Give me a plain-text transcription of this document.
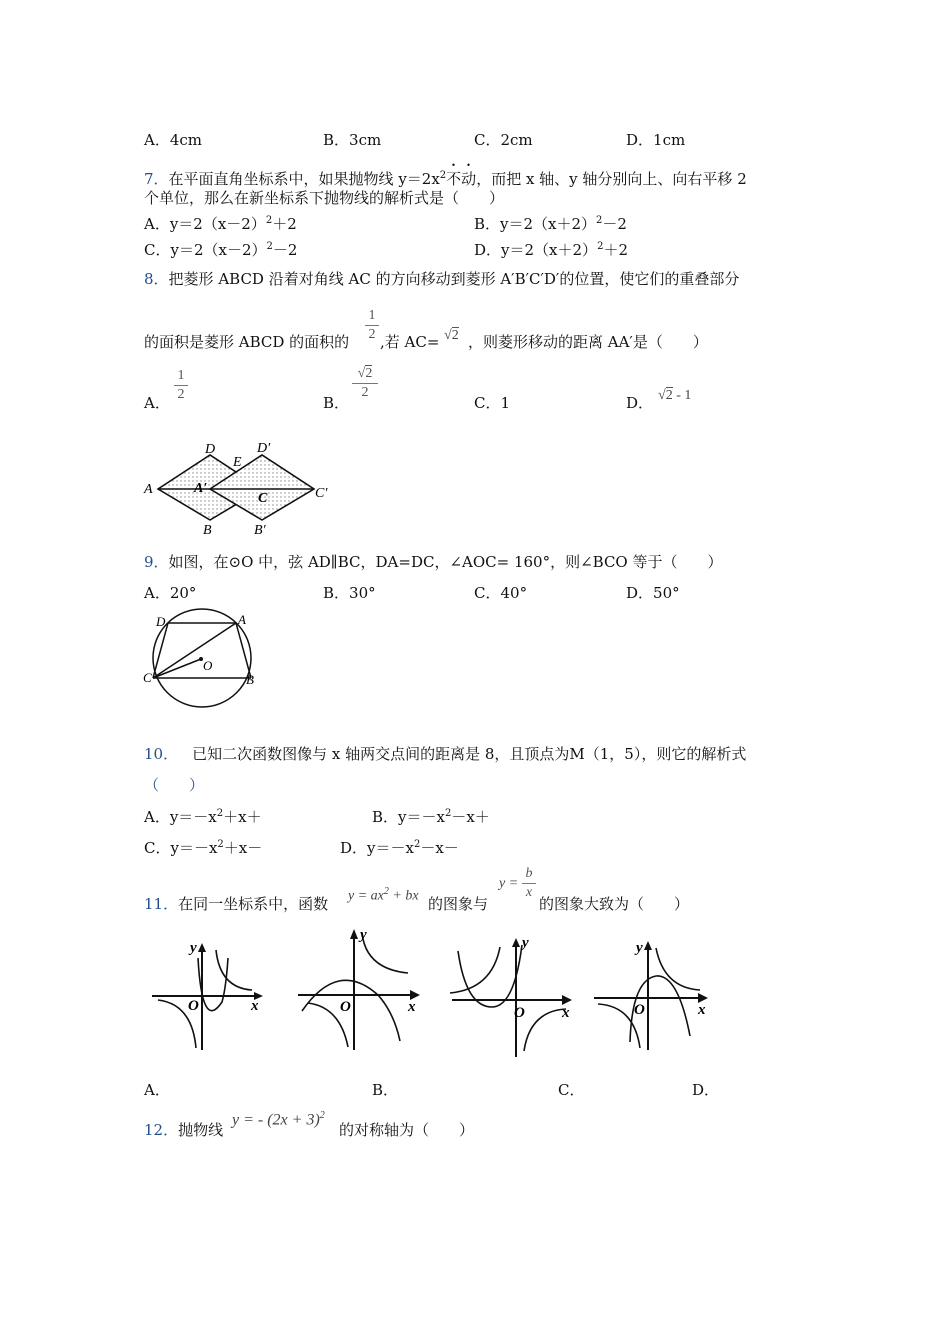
A．4cm	B．3cm	C．2cm	D．1cm
7．在平面直角坐标系中，如果抛物线 $y=2x^2$不动，而把 x 轴、y 轴分别向上、向右平移 2
个单位，那么在新坐标系下抛物线的解析式是（　　）
A．$y=2(x-2)^2+2$	B．$y=2(x+2)^2-2$
C．$y=2(x-2)^2-2$	D．$y=2(x+2)^2+2$
8．把菱形 ABCD 沿着对角线 AC 的方向移动到菱形 A′B′C′D′的位置，使它们的重叠部分
的面积是菱形 ABCD 的面积的
1
2 ,若 AC= √2 ，则菱形移动的距离 AA′是（　　）
A．
1
2	B．
√2
2
C．1	D． √2 - 1
A
D
E
D′
A′
C	C′
B	B′
9．如图，在⊙O 中，弦 AD∥BC，DA=DC，∠AOC= 160°，则∠BCO 等于（　　）
A．20°	B．30°	C．40°	D．50°
D	A
O
C	B
10． 已知二次函数图像与 x 轴两交点间的距离是 8，且顶点为M（1，5），则它的解析式
（　　）
A．$y=-x^2+x+$	B．$y=-x^2-x+$
C．$y=-x^2+x-$	D．$y=-x^2-x-$
11．在同一坐标系中，函数 $y = ax^2$ + bx 的图象与
y =
b
x
的图象大致为（　　）
y
x
O
y
x
O
y
x
O
y
x
O
A．	B．	C．	D．
12．抛物线
y = - $(2x + 3)^2$
的对称轴为（　　）
